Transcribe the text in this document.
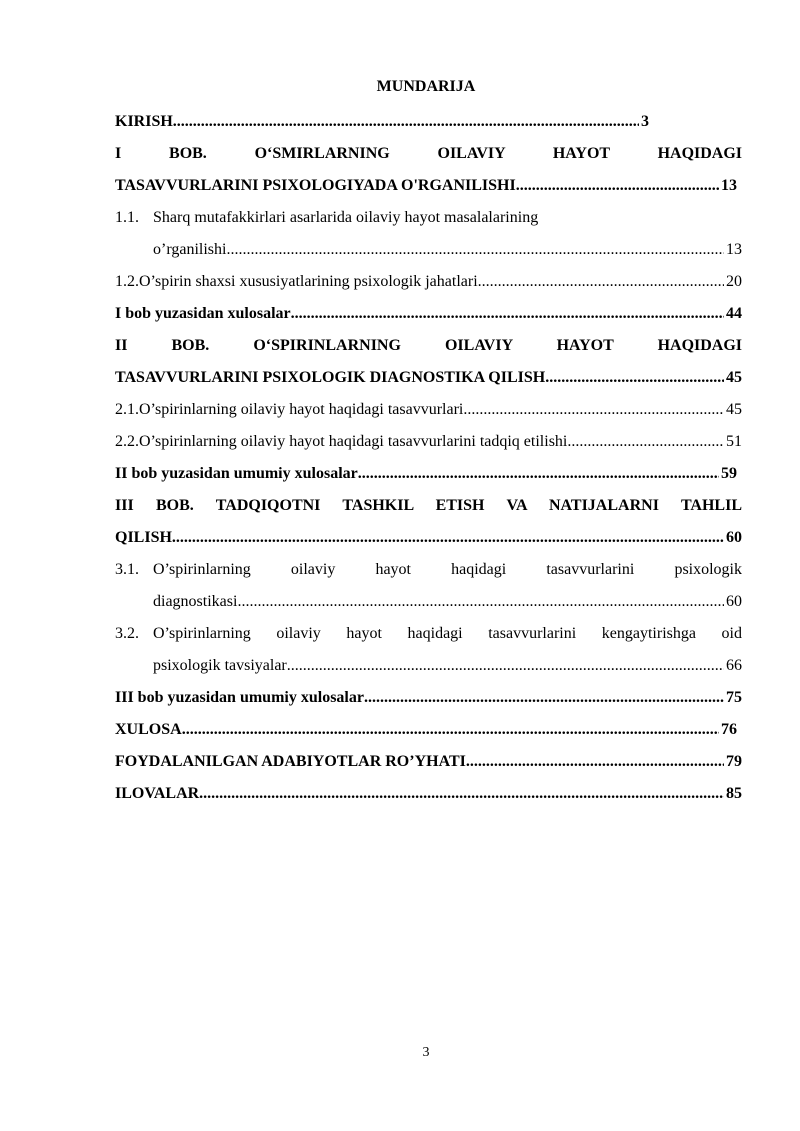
MUNDARIJA
KIRISH .....	3
I	BOB.	O‘SMIRLARNING	OILAVIY	HAYOT	HAQIDAGI
TASAVVURLARINI PSIXOLOGIYADA O'RGANILISHI .....	13
1.1. Sharq mutafakkirlari asarlarida oilaviy hayot masalalarining
o’rganilishi .....	13
1.2. O’spirin shaxsi xususiyatlarining psixologik jahatlari .....	20
I bob yuzasidan xulosalar .....	44
II	BOB.	O‘SPIRINLARNING	OILAVIY	HAYOT	HAQIDAGI
TASAVVURLARINI PSIXOLOGIK DIAGNOSTIKA QILISH .....	45
2.1. O’spirinlarning oilaviy hayot haqidagi tasavvurlari .....	45
2.2. O’spirinlarning oilaviy hayot haqidagi tasavvurlarini tadqiq etilishi .....	51
II bob yuzasidan umumiy xulosalar .....	59
III BOB. TADQIQOTNI TASHKIL ETISH VA NATIJALARNI TAHLIL
QILISH .....	60
3.1. O’spirinlarning oilaviy hayot haqidagi tasavvurlarini psixologik
diagnostikasi .....	60
3.2. O’spirinlarning oilaviy hayot haqidagi tasavvurlarini kengaytirishga oid
psixologik tavsiyalar .....	66
III bob yuzasidan umumiy xulosalar .....	75
XULOSA .....	76
FOYDALANILGAN ADABIYOTLAR RO’YHATI .....	79
ILOVALAR .....	85
3
